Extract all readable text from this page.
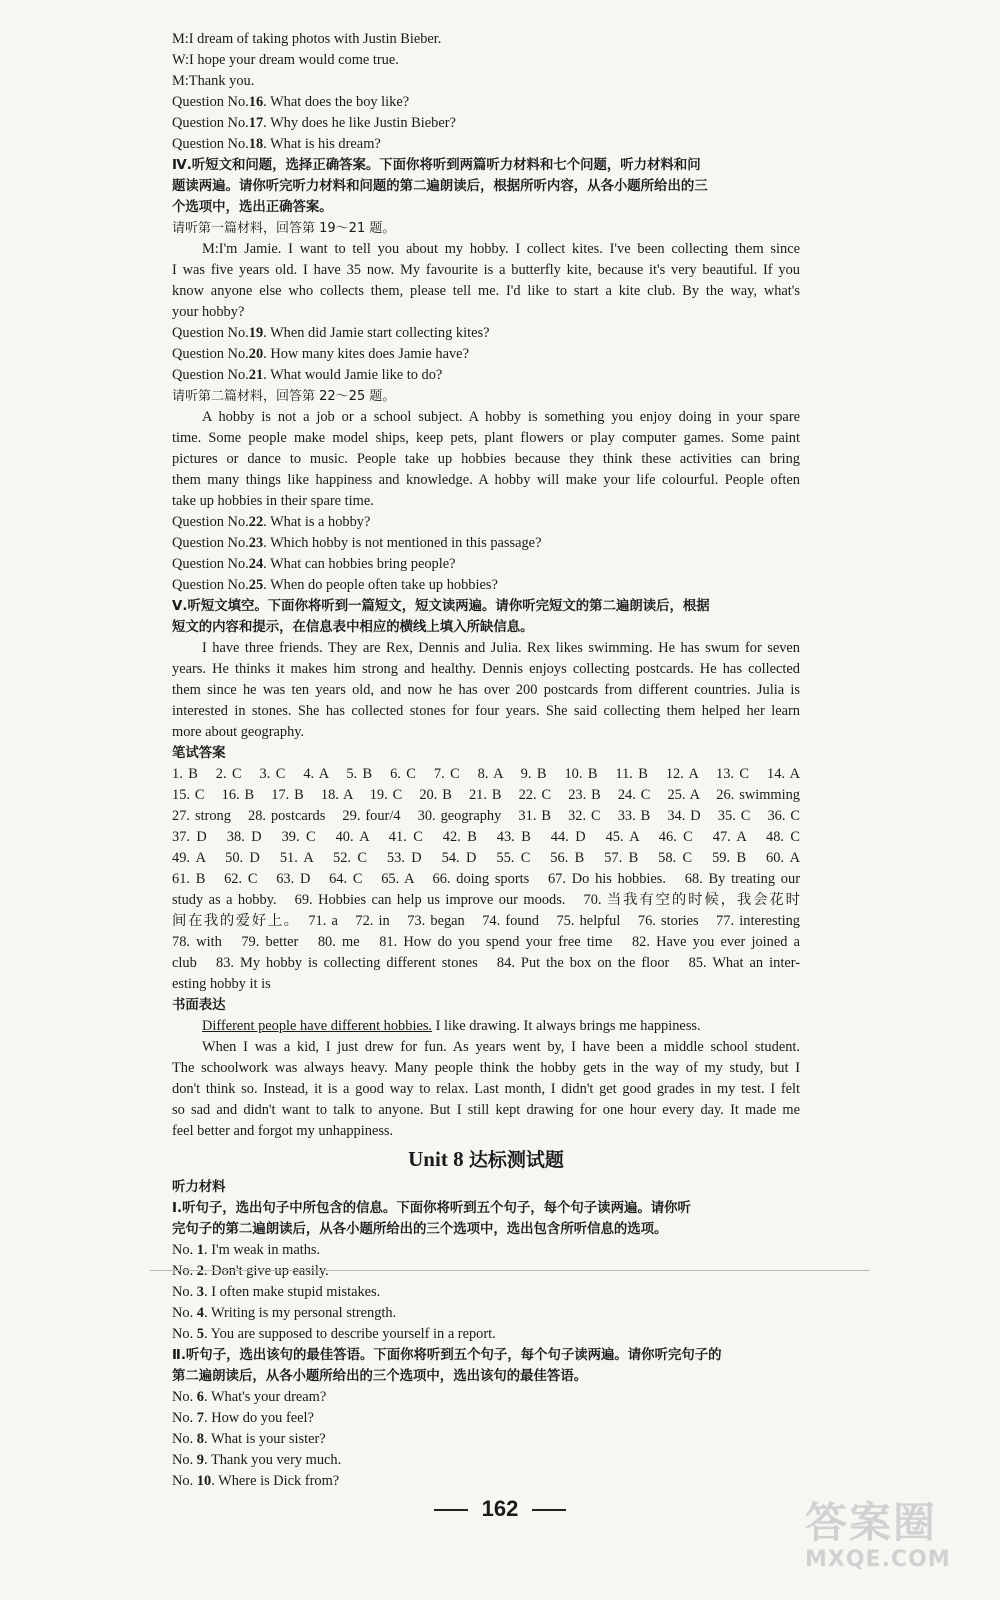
M:I dream of taking photos with Justin Bieber.
W:I hope your dream would come true.
M:Thank you.
Question No.16. What does the boy like?
Question No.17. Why does he like Justin Bieber?
Question No.18. What is his dream?
Ⅳ.听短文和问题，选择正确答案。下面你将听到两篇听力材料和七个问题，听力材料和问
题读两遍。请你听完听力材料和问题的第二遍朗读后，根据所听内容，从各小题所给出的三
个选项中，选出正确答案。
请听第一篇材料，回答第 19～21 题。
M:I'm Jamie. I want to tell you about my hobby. I collect kites. I've been collecting them since
I was five years old. I have 35 now. My favourite is a butterfly kite, because it's very beautiful. If you
know anyone else who collects them, please tell me. I'd like to start a kite club. By the way, what's
your hobby?
Question No.19. When did Jamie start collecting kites?
Question No.20. How many kites does Jamie have?
Question No.21. What would Jamie like to do?
请听第二篇材料，回答第 22～25 题。
A hobby is not a job or a school subject. A hobby is something you enjoy doing in your spare
time. Some people make model ships, keep pets, plant flowers or play computer games. Some paint
pictures or dance to music. People take up hobbies because they think these activities can bring
them many things like happiness and knowledge. A hobby will make your life colourful. People often
take up hobbies in their spare time.
Question No.22. What is a hobby?
Question No.23. Which hobby is not mentioned in this passage?
Question No.24. What can hobbies bring people?
Question No.25. When do people often take up hobbies?
Ⅴ.听短文填空。下面你将听到一篇短文，短文读两遍。请你听完短文的第二遍朗读后，根据
短文的内容和提示，在信息表中相应的横线上填入所缺信息。
I have three friends. They are Rex, Dennis and Julia. Rex likes swimming. He has swum for seven
years. He thinks it makes him strong and healthy. Dennis enjoys collecting postcards. He has collected
them since he was ten years old, and now he has over 200 postcards from different countries. Julia is
interested in stones. She has collected stones for four years. She said collecting them helped her learn
more about geography.
笔试答案
1. B　2. C　3. C　4. A　5. B　6. C　7. C　8. A　9. B　10. B　11. B　12. A　13. C　14. A
15. C　16. B　17. B　18. A　19. C　20. B　21. B　22. C　23. B　24. C　25. A　26. swimming
27. strong　28. postcards　29. four/4　30. geography　31. B　32. C　33. B　34. D　35. C　36. C
37. D　38. D　39. C　40. A　41. C　42. B　43. B　44. D　45. A　46. C　47. A　48. C
49. A　50. D　51. A　52. C　53. D　54. D　55. C　56. B　57. B　58. C　59. B　60. A
61. B　62. C　63. D　64. C　65. A　66. doing sports　67. Do his hobbies.　68. By treating our
study as a hobby.　69. Hobbies can help us improve our moods.　70. 当我有空的时候，我会花时
间在我的爱好上。　71. a　72. in　73. began　74. found　75. helpful　76. stories　77. interesting
78. with　79. better　80. me　81. How do you spend your free time　82. Have you ever joined a
club　83. My hobby is collecting different stones　84. Put the box on the floor　85. What an inter-
esting hobby it is
书面表达
Different people have different hobbies. I like drawing. It always brings me happiness.
When I was a kid, I just drew for fun. As years went by, I have been a middle school student.
The schoolwork was always heavy. Many people think the hobby gets in the way of my study, but I
don't think so. Instead, it is a good way to relax. Last month, I didn't get good grades in my test. I felt
so sad and didn't want to talk to anyone. But I still kept drawing for one hour every day. It made me
feel better and forgot my unhappiness.
Unit 8 达标测试题
听力材料
Ⅰ.听句子，选出句子中所包含的信息。下面你将听到五个句子，每个句子读两遍。请你听
完句子的第二遍朗读后，从各小题所给出的三个选项中，选出包含所听信息的选项。
No. 1. I'm weak in maths.
No. 2. Don't give up easily.
No. 3. I often make stupid mistakes.
No. 4. Writing is my personal strength.
No. 5. You are supposed to describe yourself in a report.
Ⅱ.听句子，选出该句的最佳答语。下面你将听到五个句子，每个句子读两遍。请你听完句子的
第二遍朗读后，从各小题所给出的三个选项中，选出该句的最佳答语。
No. 6. What's your dream?
No. 7. How do you feel?
No. 8. What is your sister?
No. 9. Thank you very much.
No. 10. Where is Dick from?
162	答案圈
MXQE.COM
